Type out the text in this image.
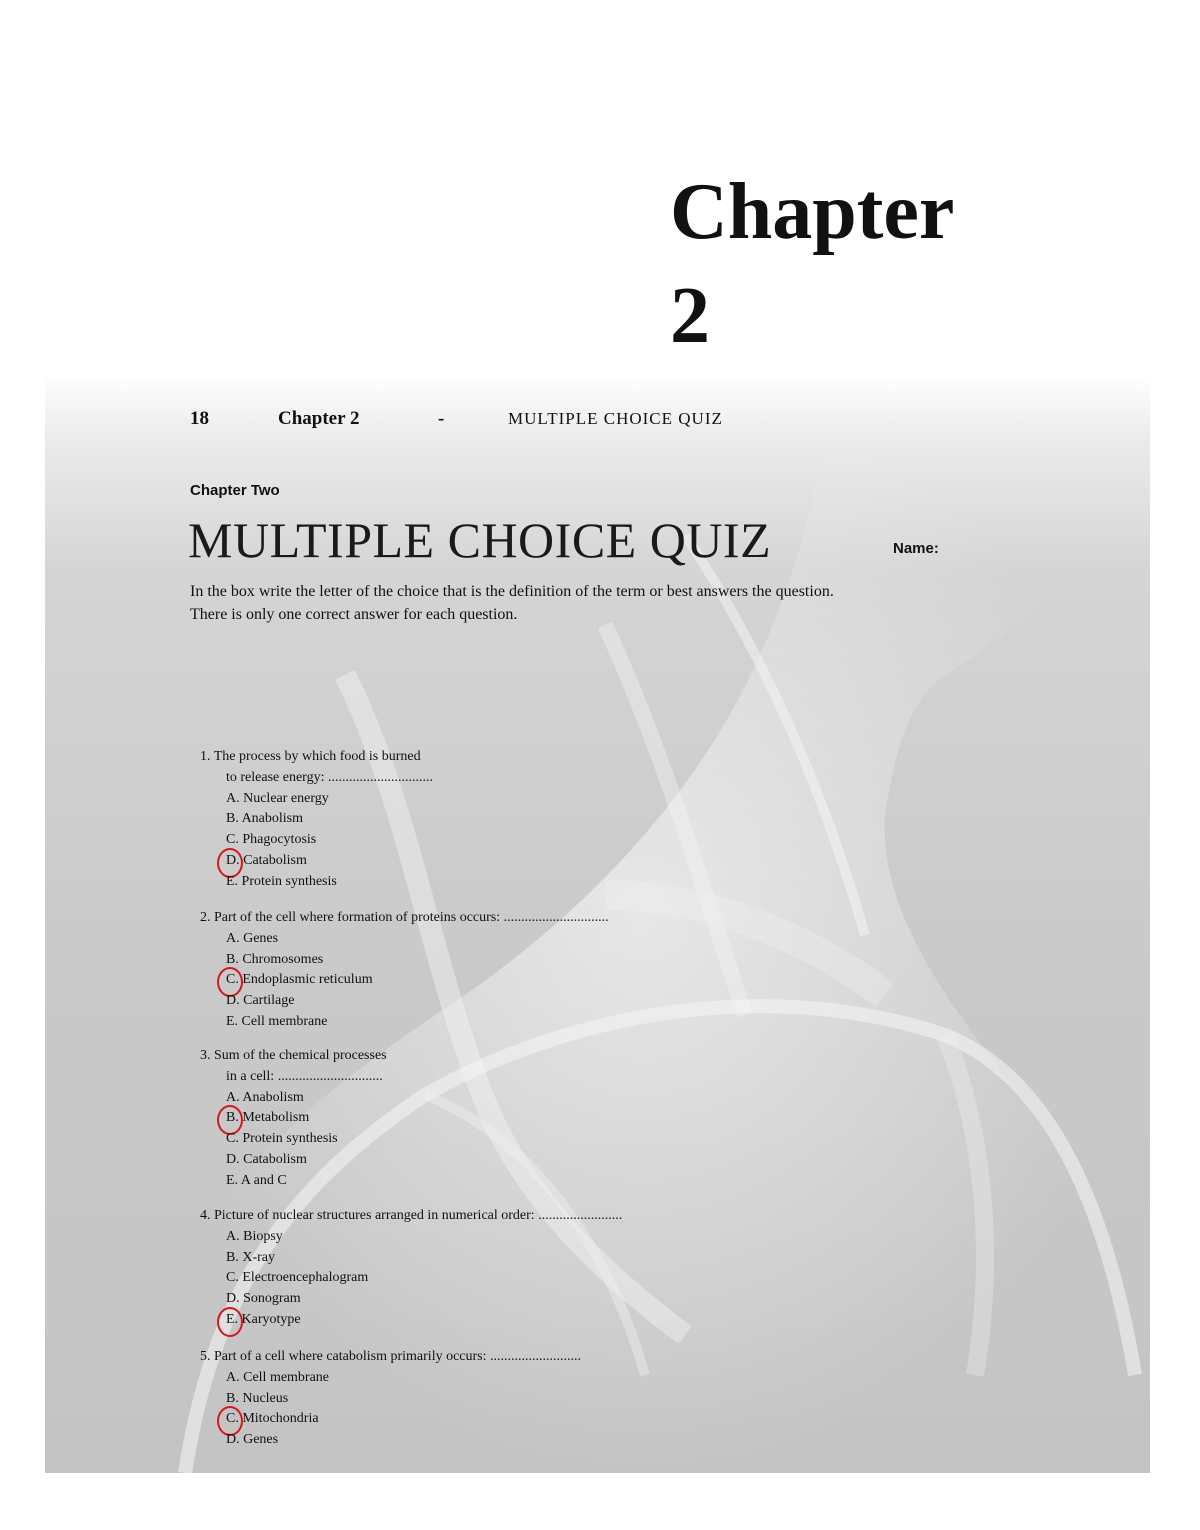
Chapter
2
18	Chapter 2	-	MULTIPLE CHOICE QUIZ
Chapter Two
MULTIPLE CHOICE QUIZ	Name:

In the box write the letter of the choice that is the definition of the term or best answers the question.

There is only one correct answer for each question.

1. The process by which food is burned
to release energy: ..............................

A. Nuclear energy
B. Anabolism
C. Phagocytosis
D. Catabolism
E. Protein synthesis

2. Part of the cell where formation of proteins occurs: ..............................

A. Genes
B. Chromosomes
C. Endoplasmic reticulum
D. Cartilage
E. Cell membrane

3. Sum of the chemical processes
in a cell: ..............................

A. Anabolism
B. Metabolism
C. Protein synthesis
D. Catabolism
E. A and C

4. Picture of nuclear structures arranged in numerical order: ........................

A. Biopsy
B. X-ray
C. Electroencephalogram
D. Sonogram
E. Karyotype

5. Part of a cell where catabolism primarily occurs: ..........................

A. Cell membrane
B. Nucleus
C. Mitochondria
D. Genes
